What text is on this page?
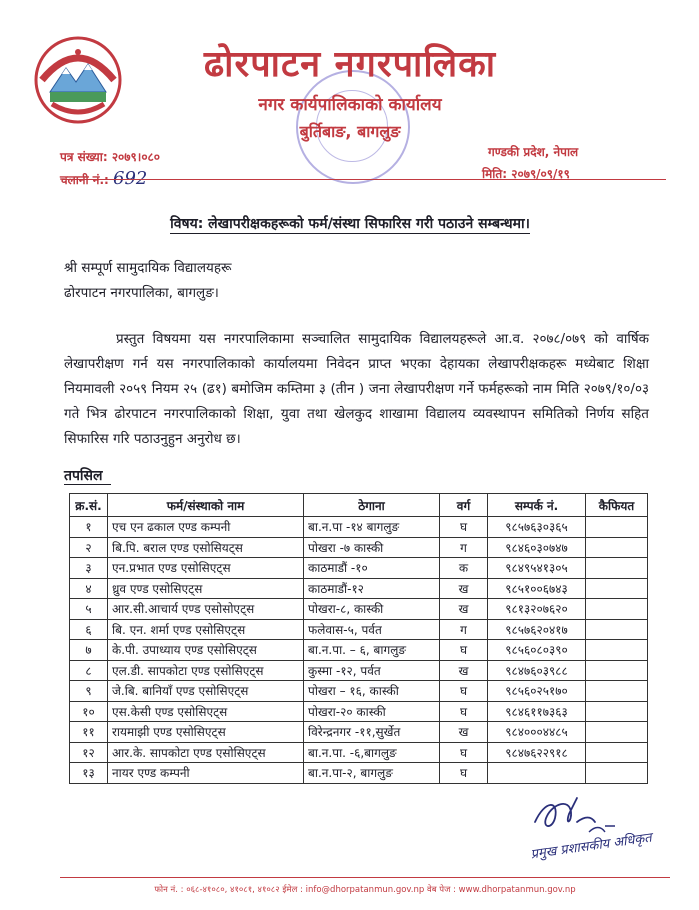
ढोरपाटन नगरपालिका
नगर कार्यपालिकाको कार्यालय
बुर्तिबाङ, बागलुङ
पत्र संख्या: २०७९।०८०
चलानी नं.: 692
गण्डकी प्रदेश, नेपाल
मिति: २०७९/०९/१९
विषय: लेखापरीक्षकहरूको फर्म/संस्था सिफारिस गरी पठाउने सम्बन्धमा।
श्री सम्पूर्ण सामुदायिक विद्यालयहरू
ढोरपाटन नगरपालिका, बागलुङ।
प्रस्तुत विषयमा यस नगरपालिकामा सञ्चालित सामुदायिक विद्यालयहरूले आ.व. २०७८/०७९ को वार्षिक लेखापरीक्षण गर्न यस नगरपालिकाको कार्यालयमा निवेदन प्राप्त भएका देहायका लेखापरीक्षकहरू मध्येबाट शिक्षा नियमावली २०५९ नियम २५ (ढ१) बमोजिम कम्तिमा ३ (तीन ) जना लेखापरीक्षण गर्ने फर्महरूको नाम मिति २०७९/१०/०३ गते भित्र ढोरपाटन नगरपालिकाको शिक्षा, युवा तथा खेलकुद शाखामा विद्यालय व्यवस्थापन समितिको निर्णय सहित सिफारिस गरि पठाउनुहुन अनुरोध छ।
तपसिल
क्र.सं.	फर्म/संस्थाको नाम	ठेगाना	वर्ग	सम्पर्क नं.	कैफियत
१	एच एन ढकाल एण्ड कम्पनी	बा.न.पा -१४ बागलुङ	घ	९८५७६३०३६५	
२	बि.पि. बराल एण्ड एसोसियट्स	पोखरा -७ कास्की	ग	९८४६०३०७४७	
३	एन.प्रभात एण्ड एसोसिएट्स	काठमाडौं -१०	क	९८४९५४१३०५	
४	ध्रुव एण्ड एसोसिएट्स	काठमाडौं-१२	ख	९८५१००६७४३	
५	आर.सी.आचार्य एण्ड एसोसोएट्स	पोखरा-८, कास्की	ख	९८१३२०७६२०	
६	बि. एन. शर्मा एण्ड एसोसिएट्स	फलेवास-५, पर्वत	ग	९८५७६२०४१७	
७	के.पी. उपाध्याय एण्ड एसोसिएट्स	बा.न.पा. – ६, बागलुङ	घ	९८५६०८०३९०	
८	एल.डी. सापकोटा एण्ड एसोसिएट्स	कुस्मा -१२, पर्वत	ख	९८४७६०३९८८	
९	जे.बि. बानियाँ एण्ड एसोसिएट्स	पोखरा – १६, कास्की	घ	९८५६०२५१७०	
१०	एस.केसी एण्ड एसोसिएट्स	पोखरा-२० कास्की	घ	९८४६११७३६३	
११	रायमाझी एण्ड एसोसिएट्स	विरेन्द्रनगर -११,सुर्खेत	ख	९८४०००४४८५	
१२	आर.के. सापकोटा एण्ड एसोसिएट्स	बा.न.पा. -६,बागलुङ	घ	९८४७६२२९१८	
१३	नायर एण्ड कम्पनी	बा.न.पा-२, बागलुङ	घ		
प्रमुख प्रशासकीय अधिकृत
फोन नं. : ०६८-४१०८०, ४१०८१, ४१०८२ ईमेल : info@dhorpatanmun.gov.np वेब पेज : www.dhorpatanmun.gov.np
